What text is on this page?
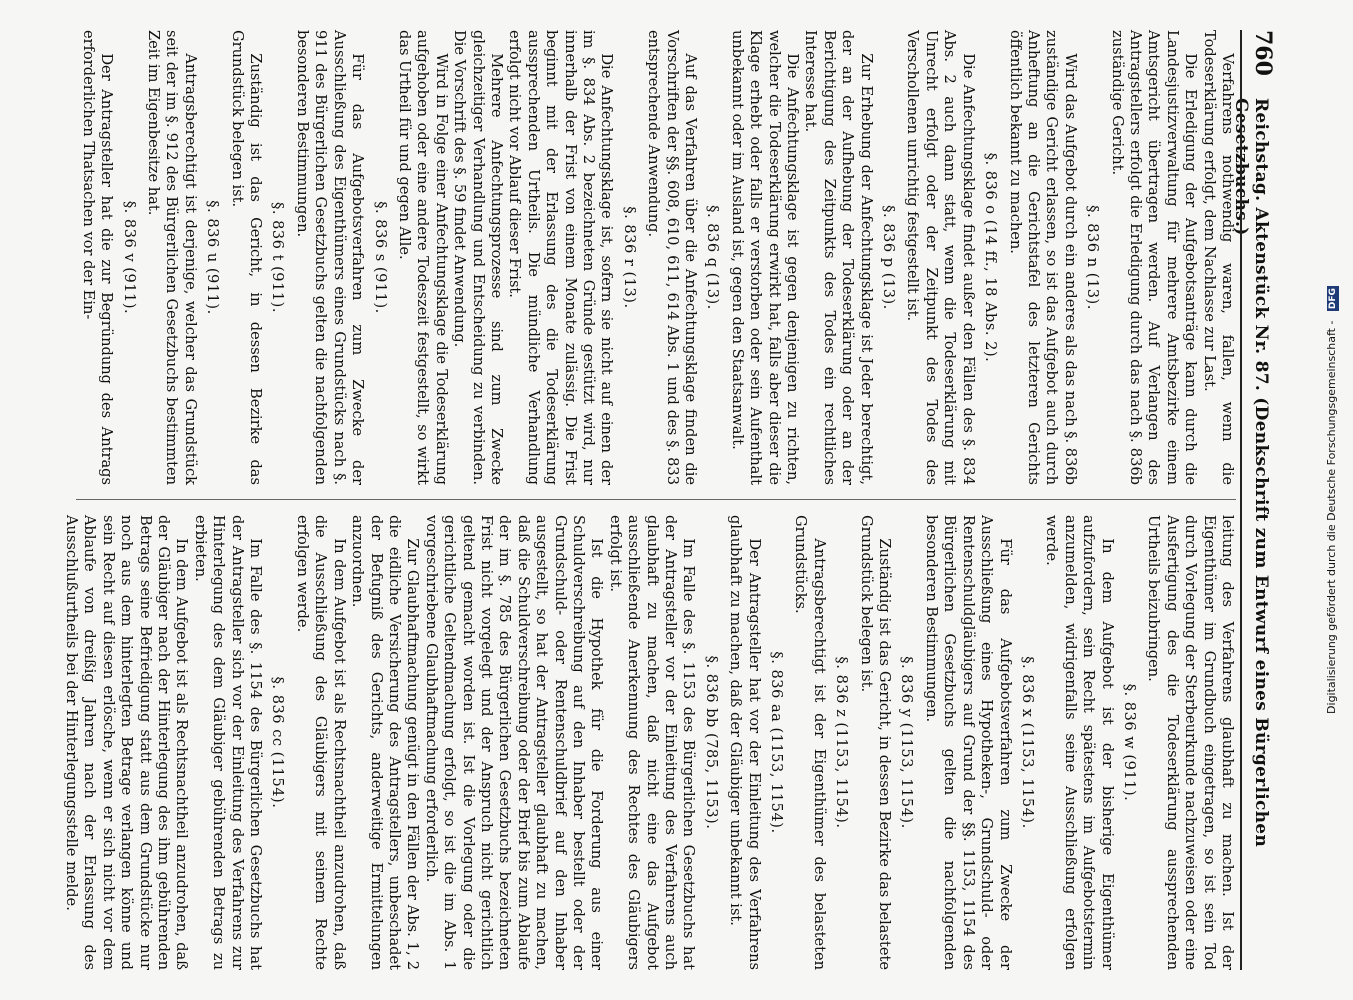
760
Reichstag. Aktenstück Nr. 87. (Denkschrift zum Entwurf eines Bürgerlichen Gesetzbuchs.)

Verfahrens nothwendig waren, fallen, wenn die Todeserklärung erfolgt, dem Nachlasse zur Last.

Die Erledigung der Aufgebotsanträge kann durch die Landesjustizverwaltung für mehrere Amtsbezirke einem Amtsgericht übertragen werden. Auf Verlangen des Antragstellers erfolgt die Erledigung durch das nach §. 836b zuständige Gericht.

§. 836 n (13).

Wird das Aufgebot durch ein anderes als das nach §. 836b zuständige Gericht erlassen, so ist das Aufgebot auch durch Anheftung an die Gerichtstafel des letzteren Gerichts öffentlich bekannt zu machen.

§. 836 o (14 ff., 18 Abs. 2).

Die Anfechtungsklage findet außer den Fällen des §. 834 Abs. 2 auch dann statt, wenn die Todeserklärung mit Unrecht erfolgt oder der Zeitpunkt des Todes des Verschollenen unrichtig festgestellt ist.

§. 836 p (13).

Zur Erhebung der Anfechtungsklage ist Jeder berechtigt, der an der Aufhebung der Todeserklärung oder an der Berichtigung des Zeitpunkts des Todes ein rechtliches Interesse hat.

Die Anfechtungsklage ist gegen denjenigen zu richten, welcher die Todeserklärung erwirkt hat, falls aber dieser die Klage erhebt oder falls er verstorben oder sein Aufenthalt unbekannt oder im Ausland ist, gegen den Staatsanwalt.

§. 836 q (13).

Auf das Verfahren über die Anfechtungsklage finden die Vorschriften der §§. 608, 610, 611, 614 Abs. 1 und des §. 833 entsprechende Anwendung.

§. 836 r (13).

Die Anfechtungsklage ist, sofern sie nicht auf einen der im §. 834 Abs. 2 bezeichneten Gründe gestützt wird, nur innerhalb der Frist von einem Monate zulässig. Die Frist beginnt mit der Erlassung des die Todeserklärung aussprechenden Urtheils. Die mündliche Verhandlung erfolgt nicht vor Ablauf dieser Frist.

Mehrere Anfechtungsprozesse sind zum Zwecke gleichzeitiger Verhandlung und Entscheidung zu verbinden. Die Vorschrift des §. 59 findet Anwendung.

Wird in Folge einer Anfechtungsklage die Todeserklärung aufgehoben oder eine andere Todeszeit festgestellt, so wirkt das Urtheil für und gegen Alle.

§. 836 s (911).

Für das Aufgebotsverfahren zum Zwecke der Ausschließung des Eigenthümers eines Grundstücks nach §. 911 des Bürgerlichen Gesetzbuchs gelten die nachfolgenden besonderen Bestimmungen.

§. 836 t (911).

Zuständig ist das Gericht, in dessen Bezirke das Grundstück belegen ist.

§. 836 u (911).

Antragsberechtigt ist derjenige, welcher das Grundstück seit der im §. 912 des Bürgerlichen Gesetzbuchs bestimmten Zeit im Eigenbesitze hat.

§. 836 v (911).

Der Antragsteller hat die zur Begründung des Antrags erforderlichen Thatsachen vor der Ein-

leitung des Verfahrens glaubhaft zu machen. Ist der Eigenthümer im Grundbuch eingetragen, so ist sein Tod durch Vorlegung der Sterbeurkunde nachzuweisen oder eine Ausfertigung des die Todeserklärung aussprechenden Urtheils beizubringen.

§. 836 w (911).

In dem Aufgebot ist der bisherige Eigenthümer aufzufordern, sein Recht spätestens im Aufgebotstermin anzumelden, widrigenfalls seine Ausschließung erfolgen werde.

§. 836 x (1153, 1154).

Für das Aufgebotsverfahren zum Zwecke der Ausschließung eines Hypotheken-, Grundschuld- oder Rentenschuldgläubigers auf Grund der §§. 1153, 1154 des Bürgerlichen Gesetzbuchs gelten die nachfolgenden besonderen Bestimmungen.

§. 836 y (1153, 1154).

Zuständig ist das Gericht, in dessen Bezirke das belastete Grundstück belegen ist.

§. 836 z (1153, 1154).

Antragsberechtigt ist der Eigenthümer des belasteten Grundstücks.

§. 836 aa (1153, 1154).

Der Antragsteller hat vor der Einleitung des Verfahrens glaubhaft zu machen, daß der Gläubiger unbekannt ist.

§. 836 bb (785, 1153).

Im Falle des §. 1153 des Bürgerlichen Gesetzbuchs hat der Antragsteller vor der Einleitung des Verfahrens auch glaubhaft zu machen, daß nicht eine das Aufgebot ausschließende Anerkennung des Rechtes des Gläubigers erfolgt ist.

Ist die Hypothek für die Forderung aus einer Schuldverschreibung auf den Inhaber bestellt oder der Grundschuld- oder Rentenschuldbrief auf den Inhaber ausgestellt, so hat der Antragsteller glaubhaft zu machen, daß die Schuldverschreibung oder der Brief bis zum Ablaufe der im §. 785 des Bürgerlichen Gesetzbuchs bezeichneten Frist nicht vorgelegt und der Anspruch nicht gerichtlich geltend gemacht worden ist. Ist die Vorlegung oder die gerichtliche Geltendmachung erfolgt, so ist die im Abs. 1 vorgeschriebene Glaubhaftmachung erforderlich.

Zur Glaubhaftmachung genügt in den Fällen der Abs. 1, 2 die eidliche Versicherung des Antragstellers, unbeschadet der Befugniß des Gerichts, anderweitige Ermittelungen anzuordnen.

In dem Aufgebot ist als Rechtsnachtheil anzudrohen, daß die Ausschließung des Gläubigers mit seinem Rechte erfolgen werde.

§. 836 cc (1154).

Im Falle des §. 1154 des Bürgerlichen Gesetzbuchs hat der Antragsteller sich vor der Einleitung des Verfahrens zur Hinterlegung des dem Gläubiger gebührenden Betrags zu erbieten.

In dem Aufgebot ist als Rechtsnachtheil anzudrohen, daß der Gläubiger nach der Hinterlegung des ihm gebührenden Betrags seine Befriedigung statt aus dem Grundstücke nur noch aus dem hinterlegten Betrage verlangen könne und sein Recht auf diesen erlösche, wenn er sich nicht vor dem Ablaufe von dreißig Jahren nach der Erlassung des Ausschlußurtheils bei der Hinterlegungsstelle melde.	Digitalisierung gefördert durch die Deutsche Forschungsgemeinschaft - DFG
